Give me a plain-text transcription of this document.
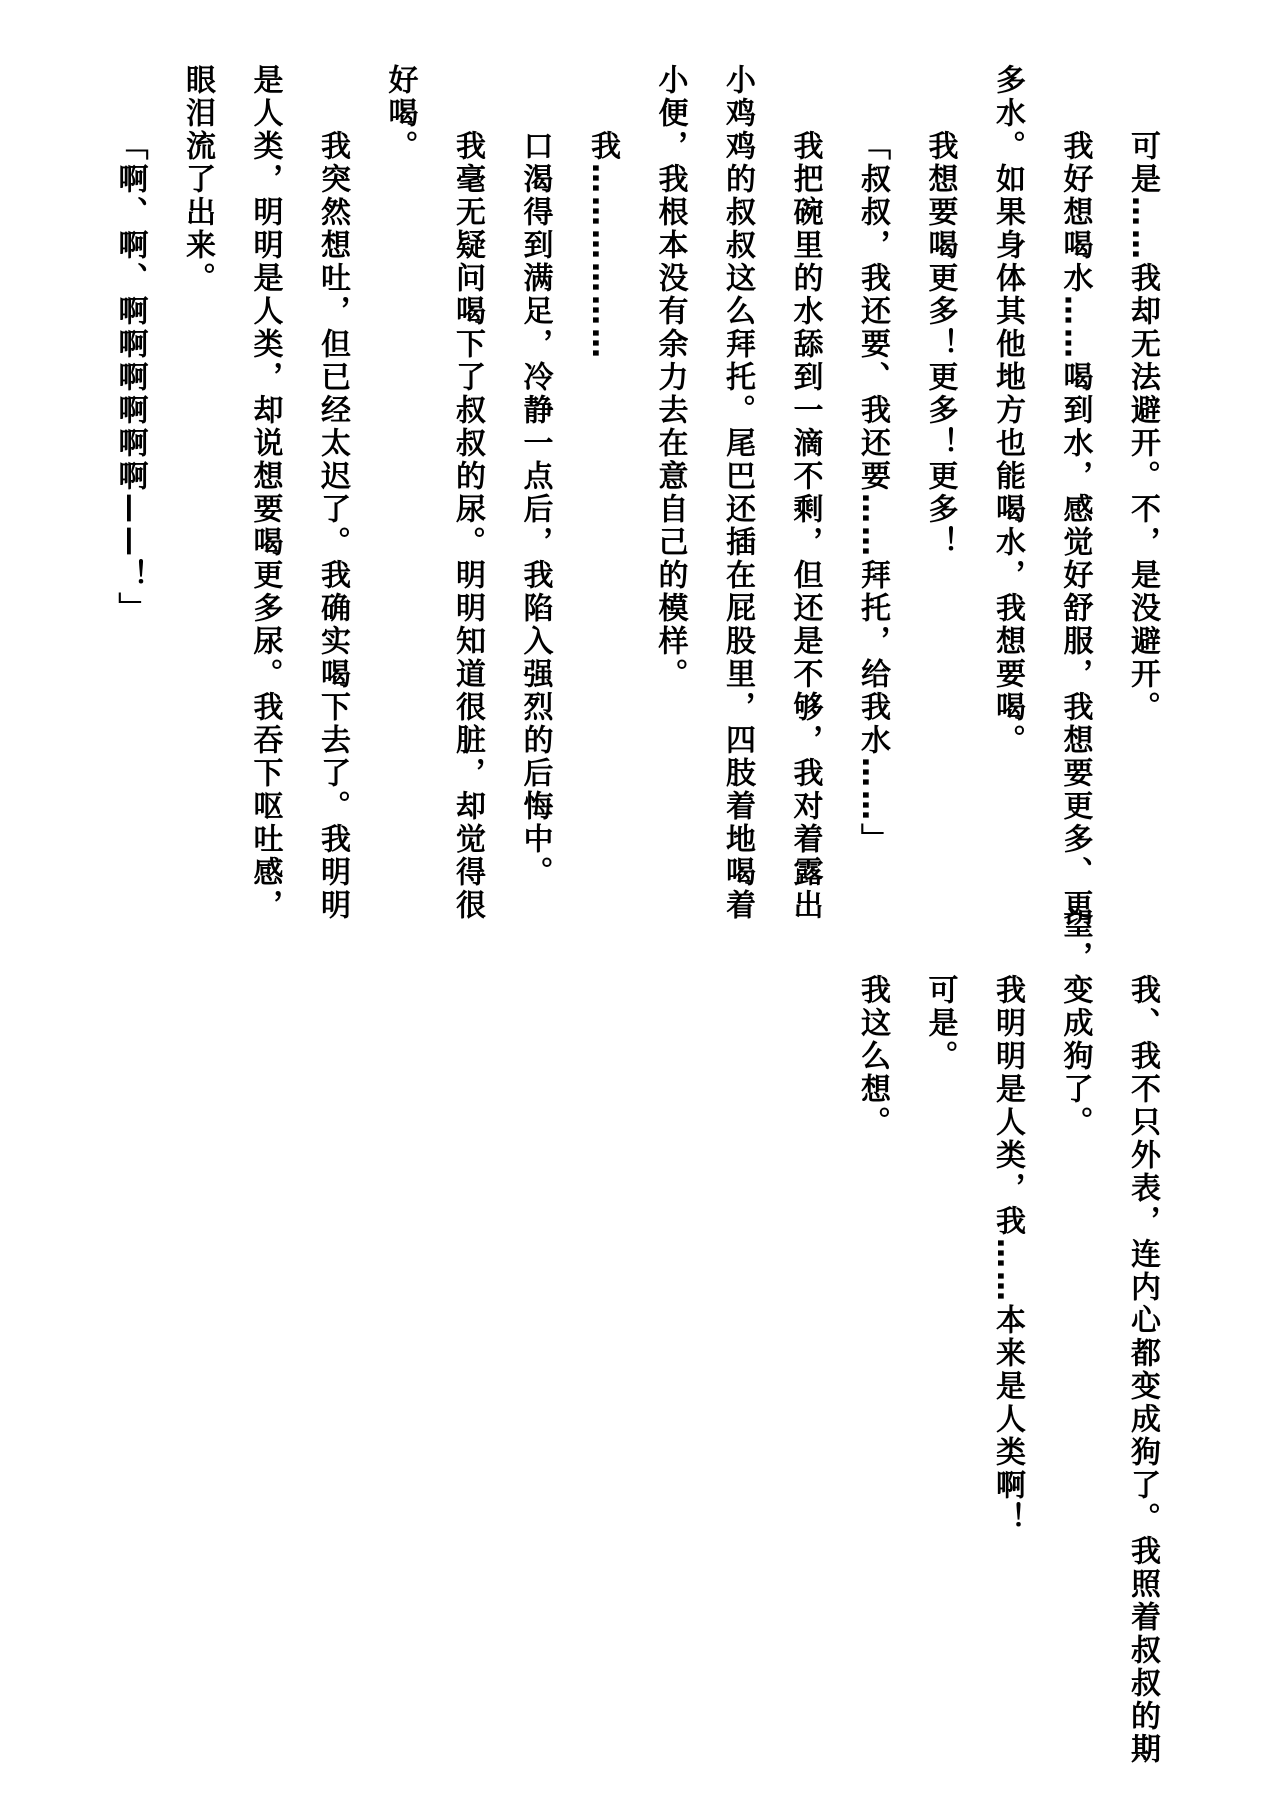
可是……我却无法避开。不，是没避开。
我好想喝水……喝到水，感觉好舒服，我想要更多、更
多水。如果身体其他地方也能喝水，我想要喝。
我想要喝更多！更多！更多！
「叔叔，我还要、我还要……拜托，给我水……」
我把碗里的水舔到一滴不剩，但还是不够，我对着露出
小鸡鸡的叔叔这么拜托。尾巴还插在屁股里，四肢着地喝着
小便，我根本没有余力去在意自己的模样。
我………………
口渴得到满足，冷静一点后，我陷入强烈的后悔中。
我毫无疑问喝下了叔叔的尿。明明知道很脏，却觉得很
好喝。
我突然想吐，但已经太迟了。我确实喝下去了。我明明
是人类，明明是人类，却说想要喝更多尿。我吞下呕吐感，
眼泪流了出来。
「啊、啊、啊啊啊啊啊啊——！」
我、我不只外表，连内心都变成狗了。我照着叔叔的期
望，变成狗了。
我明明是人类，我……本来是人类啊！
可是。
我这么想。
